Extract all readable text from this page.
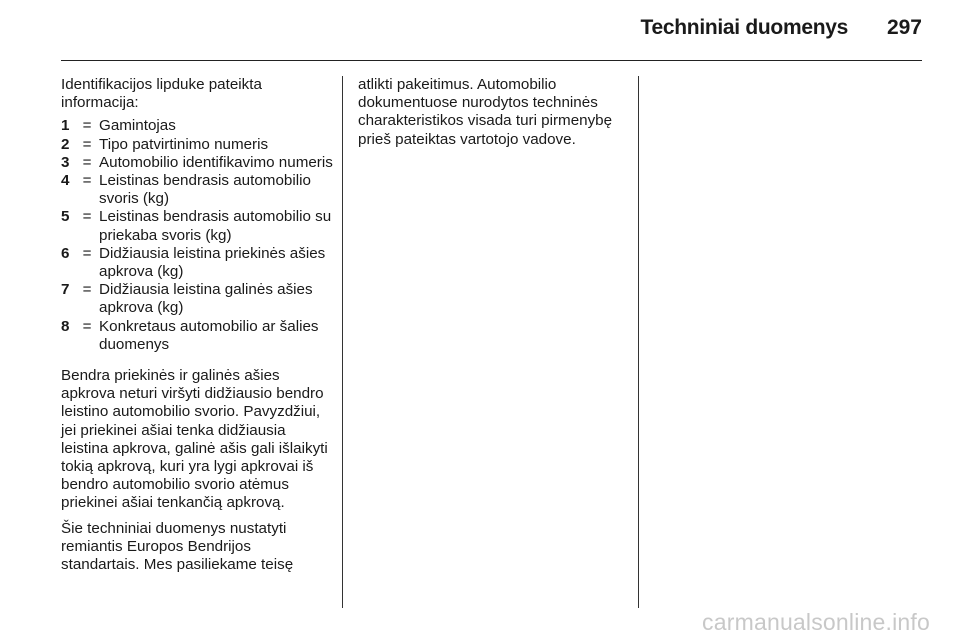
Techniniai duomenys 297

Identifikacijos lipduke pateikta informacija:

1 = Gamintojas
2 = Tipo patvirtinimo numeris
3 = Automobilio identifikavimo numeris
4 = Leistinas bendrasis automobilio svoris (kg)
5 = Leistinas bendrasis automobilio su priekaba svoris (kg)
6 = Didžiausia leistina priekinės ašies apkrova (kg)
7 = Didžiausia leistina galinės ašies apkrova (kg)
8 = Konkretaus automobilio ar šalies duomenys

Bendra priekinės ir galinės ašies apkrova neturi viršyti didžiausio bendro leistino automobilio svorio. Pavyzdžiui, jei priekinei ašiai tenka didžiausia leistina apkrova, galinė ašis gali išlaikyti tokią apkrovą, kuri yra lygi apkrovai iš bendro automobilio svorio atėmus priekinei ašiai tenkančią apkrovą.

Šie techniniai duomenys nustatyti remiantis Europos Bendrijos standartais. Mes pasiliekame teisę

atlikti pakeitimus. Automobilio dokumentuose nurodytos techninės charakteristikos visada turi pirmenybę prieš pateiktas vartotojo vadove.

carmanualsonline.info
